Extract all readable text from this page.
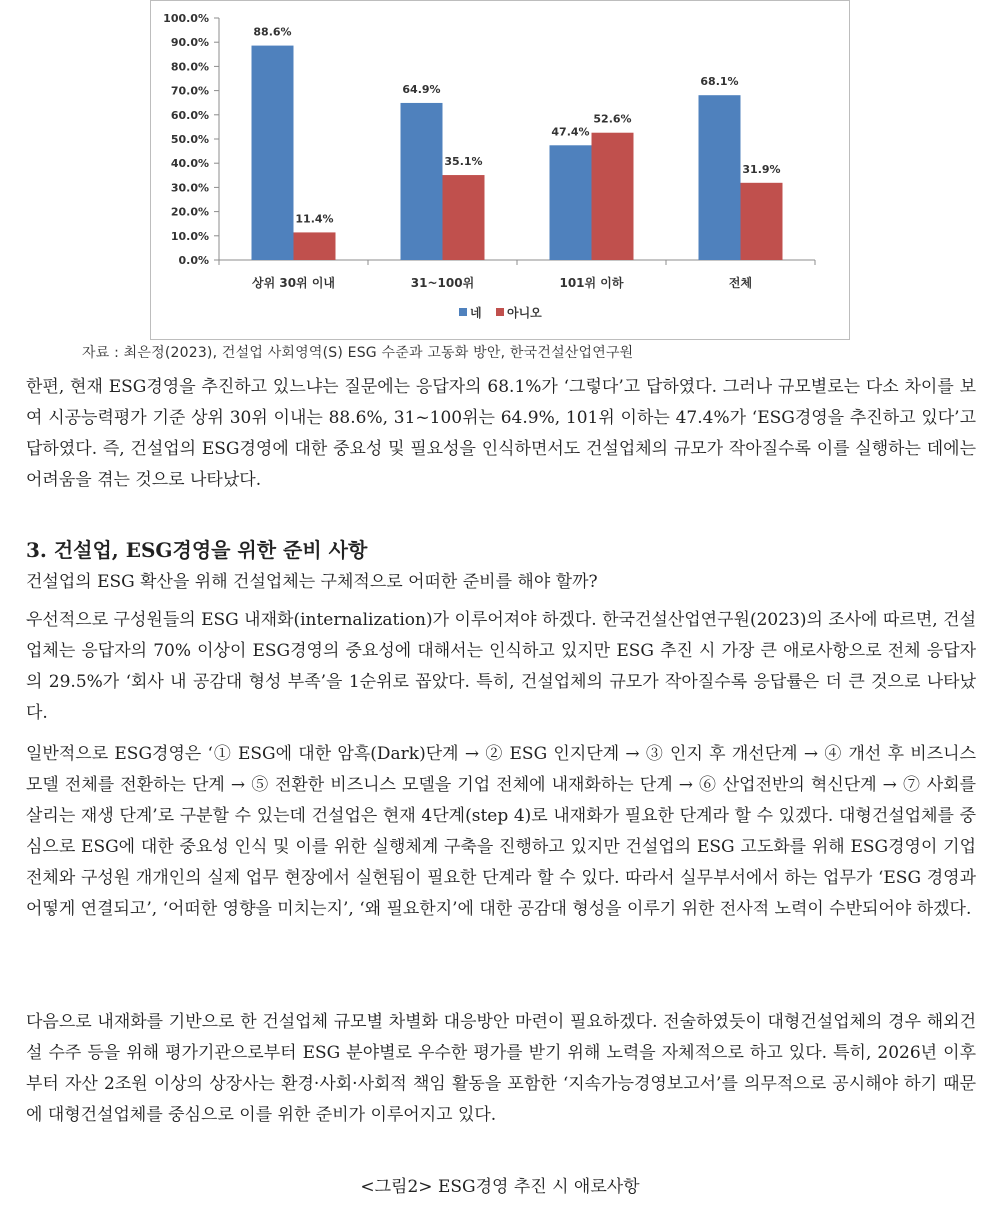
0.0%
10.0%
20.0%
30.0%
40.0%
50.0%
60.0%
70.0%
80.0%
90.0%
100.0%
상위 30위 이내
88.6%
11.4%
31~100위
64.9%
35.1%
101위 이하
47.4%
52.6%
전체
68.1%
31.9%
네 아니오
자료 : 최은정(2023), 건설업 사회영역(S) ESG 수준과 고동화 방안, 한국건설산업연구원

한편, 현재 ESG경영을 추진하고 있느냐는 질문에는 응답자의 68.1%가 ‘그렇다’고 답하였다. 그러나 규모별로는 다소 차이를 보여 시공능력평가 기준 상위 30위 이내는 88.6%, 31~100위는 64.9%, 101위 이하는 47.4%가 ‘ESG경영을 추진하고 있다’고 답하였다. 즉, 건설업의 ESG경영에 대한 중요성 및 필요성을 인식하면서도 건설업체의 규모가 작아질수록 이를 실행하는 데에는 어려움을 겪는 것으로 나타났다.

3. 건설업, ESG경영을 위한 준비 사항

건설업의 ESG 확산을 위해 건설업체는 구체적으로 어떠한 준비를 해야 할까?

우선적으로 구성원들의 ESG 내재화(internalization)가 이루어져야 하겠다. 한국건설산업연구원(2023)의 조사에 따르면, 건설업체는 응답자의 70% 이상이 ESG경영의 중요성에 대해서는 인식하고 있지만 ESG 추진 시 가장 큰 애로사항으로 전체 응답자의 29.5%가 ‘회사 내 공감대 형성 부족’을 1순위로 꼽았다. 특히, 건설업체의 규모가 작아질수록 응답률은 더 큰 것으로 나타났다.

일반적으로 ESG경영은 ‘① ESG에 대한 암흑(Dark)단계 → ② ESG 인지단계 → ③ 인지 후 개선단계 → ④ 개선 후 비즈니스 모델 전체를 전환하는 단계 → ⑤ 전환한 비즈니스 모델을 기업 전체에 내재화하는 단계 → ⑥ 산업전반의 혁신단계 → ⑦ 사회를 살리는 재생 단계’로 구분할 수 있는데 건설업은 현재 4단계(step 4)로 내재화가 필요한 단계라 할 수 있겠다. 대형건설업체를 중심으로 ESG에 대한 중요성 인식 및 이를 위한 실행체계 구축을 진행하고 있지만 건설업의 ESG 고도화를 위해 ESG경영이 기업 전체와 구성원 개개인의 실제 업무 현장에서 실현됨이 필요한 단계라 할 수 있다. 따라서 실무부서에서 하는 업무가 ‘ESG 경영과 어떻게 연결되고’, ‘어떠한 영향을 미치는지’, ‘왜 필요한지’에 대한 공감대 형성을 이루기 위한 전사적 노력이 수반되어야 하겠다.

다음으로 내재화를 기반으로 한 건설업체 규모별 차별화 대응방안 마련이 필요하겠다. 전술하였듯이 대형건설업체의 경우 해외건설 수주 등을 위해 평가기관으로부터 ESG 분야별로 우수한 평가를 받기 위해 노력을 자체적으로 하고 있다. 특히, 2026년 이후부터 자산 2조원 이상의 상장사는 환경·사회·사회적 책임 활동을 포함한 ‘지속가능경영보고서’를 의무적으로 공시해야 하기 때문에 대형건설업체를 중심으로 이를 위한 준비가 이루어지고 있다.

<그림2> ESG경영 추진 시 애로사항
